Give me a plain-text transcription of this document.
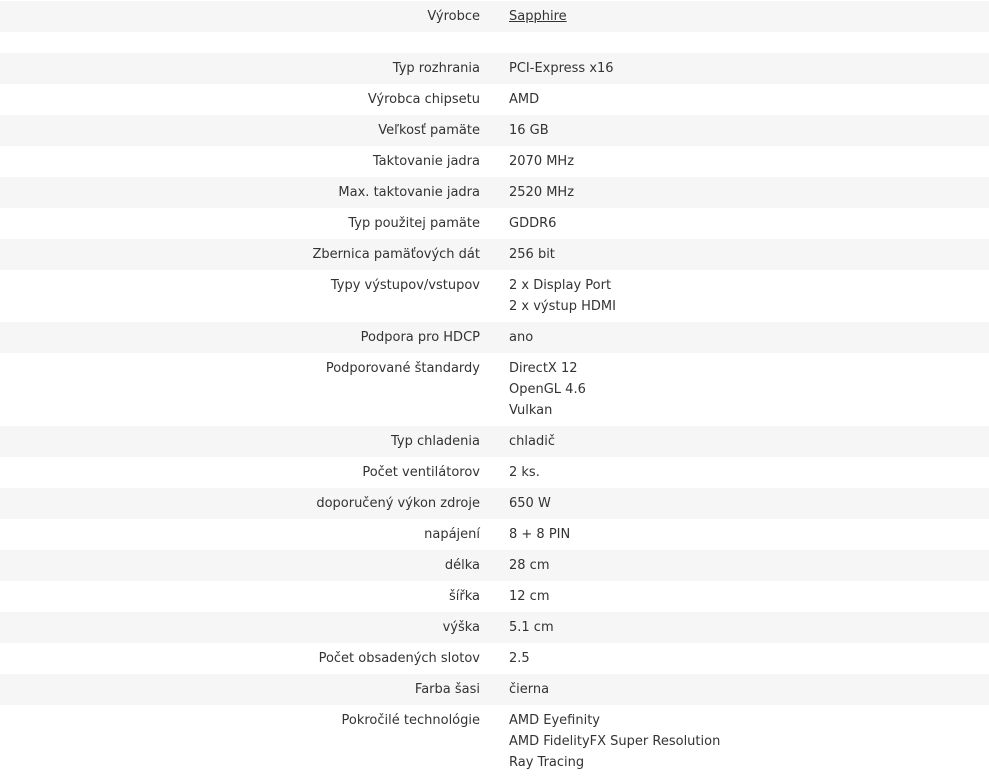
Výrobce	Sapphire

Typ rozhrania	PCI-Express x16

Výrobca chipsetu	AMD

Veľkosť pamäte	16 GB

Taktovanie jadra	2070 MHz

Max. taktovanie jadra	2520 MHz

Typ použitej pamäte	GDDR6

Zbernica pamäťových dát	256 bit

Typy výstupov/vstupov	2 x Display Port
2 x výstup HDMI

Podpora pro HDCP	ano

Podporované štandardy	DirectX 12
OpenGL 4.6
Vulkan

Typ chladenia	chladič

Počet ventilátorov	2 ks.

doporučený výkon zdroje	650 W

napájení	8 + 8 PIN

délka	28 cm

šířka	12 cm

výška	5.1 cm

Počet obsadených slotov	2.5

Farba šasi	čierna

Pokročilé technológie	AMD Eyefinity
AMD FidelityFX Super Resolution
Ray Tracing
